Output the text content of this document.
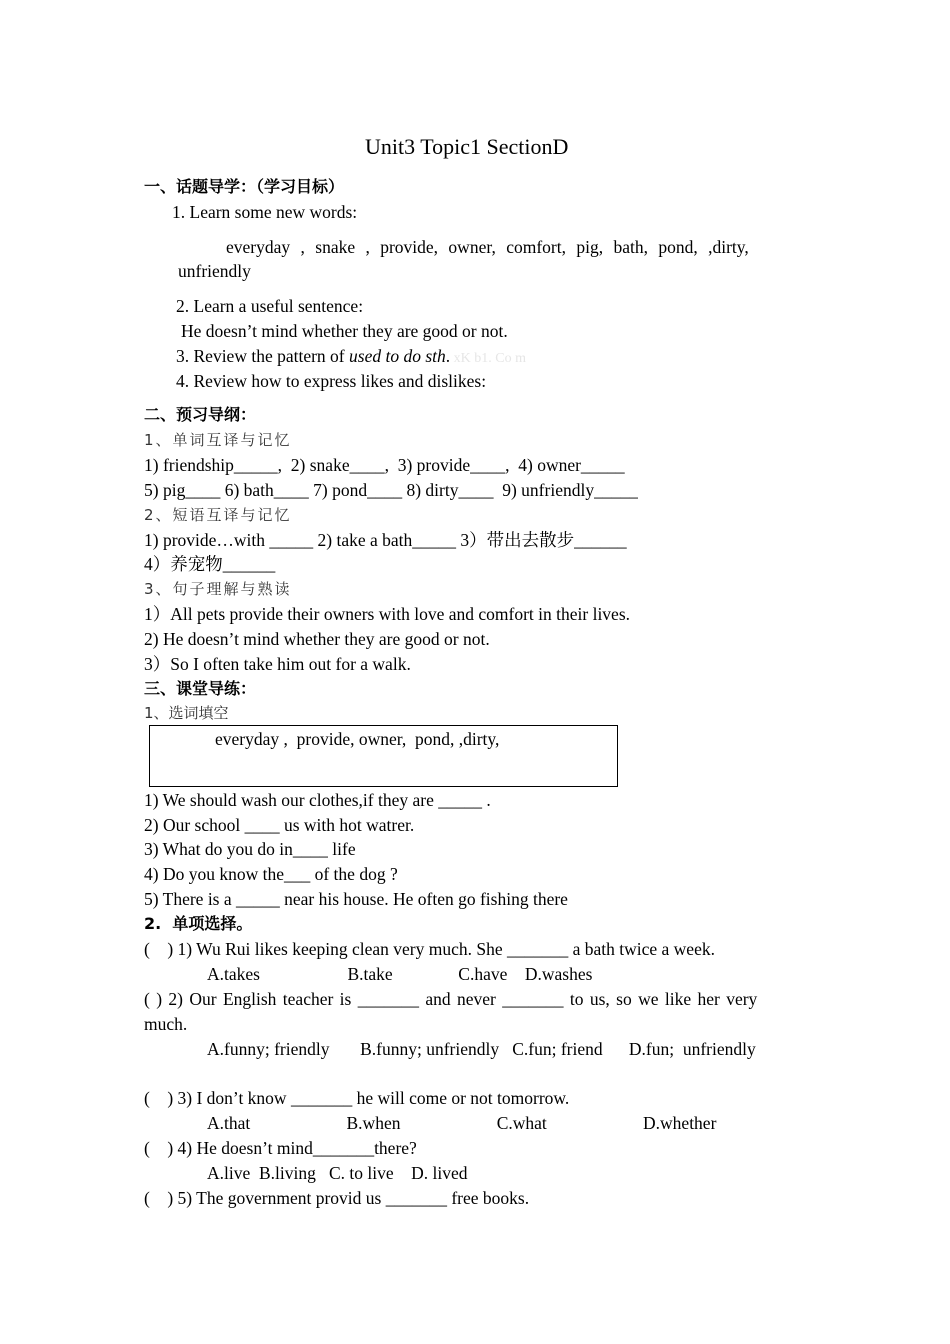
Unit3 Topic1 SectionD
一、话题导学：（学习目标）
1. Learn some new words:
everyday , snake , provide, owner, comfort, pig, bath, pond, ,dirty, unfriendly
2. Learn a useful sentence:
He doesn’t mind whether they are good or not.
3. Review the pattern of used to do sth. xK b1. Co m
4. Review how to express likes and dislikes:
二、预习导纲：
1、单词互译与记忆
1) friendship_____,  2) snake____,  3) provide____,  4) owner_____
5) pig____ 6) bath____ 7) pond____ 8) dirty____  9) unfriendly_____
2、短语互译与记忆
1) provide…with _____ 2) take a bath_____ 3）带出去散步______
4）养宠物______
3、句子理解与熟读
1）All pets provide their owners with love and comfort in their lives.
2) He doesn’t mind whether they are good or not.
3）So I often take him out for a walk.
三、课堂导练：
1、选词填空
everyday ,  provide, owner,  pond, ,dirty,
1) We should wash our clothes,if they are _____ .
2) Our school ____ us with hot watrer.
3) What do you do in____ life
4) Do you know the___ of the dog ?
5) There is a _____ near his house. He often go fishing there
2.  单项选择。
(    ) 1) Wu Rui likes keeping clean very much. She _______ a bath twice a week.
A.takes                    B.take               C.have    D.washes
( ) 2) Our English teacher is _______ and never _______ to us, so we like her very much.
A.funny; friendly       B.funny; unfriendly   C.fun; friend      D.fun;  unfriendly
(    ) 3) I don’t know _______ he will come or not tomorrow.
A.that                      B.when                      C.what                      D.whether
(    ) 4) He doesn’t mind_______there?
A.live  B.living   C. to live    D. lived
(    ) 5) The government provid us _______ free books.
